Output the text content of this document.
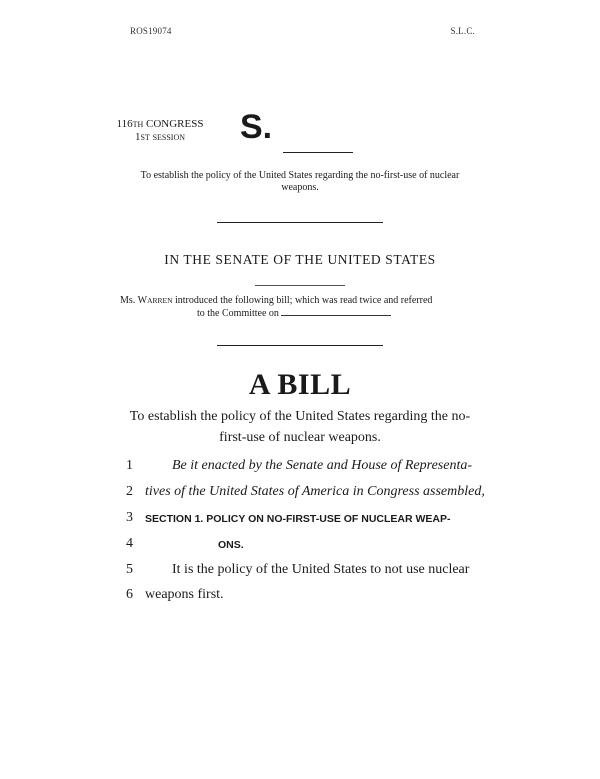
ROS19074	S.L.C.
116TH CONGRESS
1ST SESSION	S.
To establish the policy of the United States regarding the no-first-use of nuclear weapons.
IN THE SENATE OF THE UNITED STATES
Ms. WARREN introduced the following bill; which was read twice and referred
to the Committee on
A BILL
To establish the policy of the United States regarding the no-first-use of nuclear weapons.
1	Be it enacted by the Senate and House of Representa-
2 tives of the United States of America in Congress assembled,
3 SECTION 1. POLICY ON NO-FIRST-USE OF NUCLEAR WEAP-
4	ONS.
5	It is the policy of the United States to not use nuclear
6 weapons first.
